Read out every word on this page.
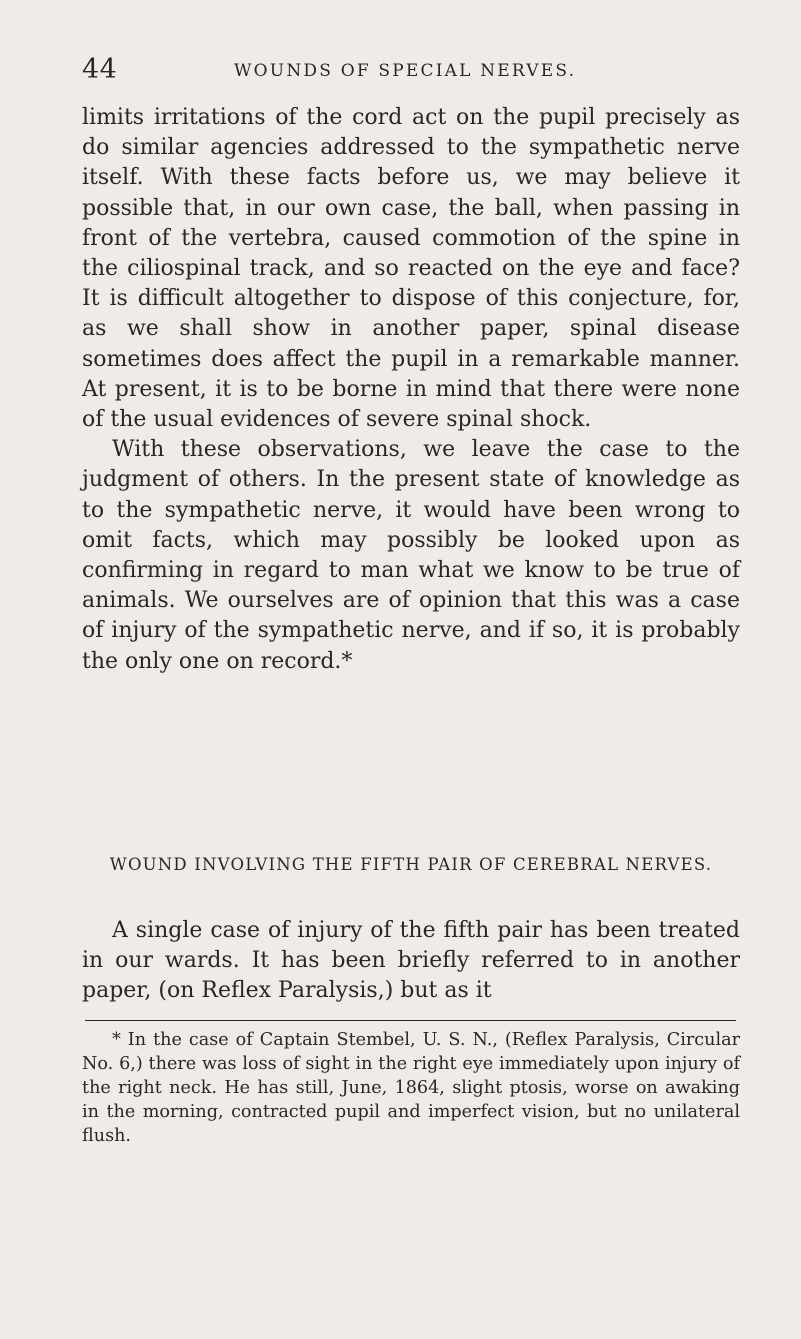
44	WOUNDS OF SPECIAL NERVES.

limits irritations of the cord act on the pupil precisely as do similar agencies addressed to the sympathetic nerve itself. With these facts before us, we may believe it possible that, in our own case, the ball, when passing in front of the vertebra, caused commotion of the spine in the ciliospinal track, and so reacted on the eye and face? It is difficult altogether to dispose of this conjecture, for, as we shall show in another paper, spinal disease sometimes does affect the pupil in a remarkable manner. At present, it is to be borne in mind that there were none of the usual evidences of severe spinal shock.

With these observations, we leave the case to the judgment of others. In the present state of knowledge as to the sympathetic nerve, it would have been wrong to omit facts, which may possibly be looked upon as confirming in regard to man what we know to be true of animals. We ourselves are of opinion that this was a case of injury of the sympathetic nerve, and if so, it is probably the only one on record.*

WOUND INVOLVING THE FIFTH PAIR OF CEREBRAL NERVES.

A single case of injury of the fifth pair has been treated in our wards. It has been briefly referred to in another paper, (on Reflex Paralysis,) but as it

* In the case of Captain Stembel, U. S. N., (Reflex Paralysis, Circular No. 6,) there was loss of sight in the right eye immediately upon injury of the right neck. He has still, June, 1864, slight ptosis, worse on awaking in the morning, contracted pupil and imperfect vision, but no unilateral flush.
